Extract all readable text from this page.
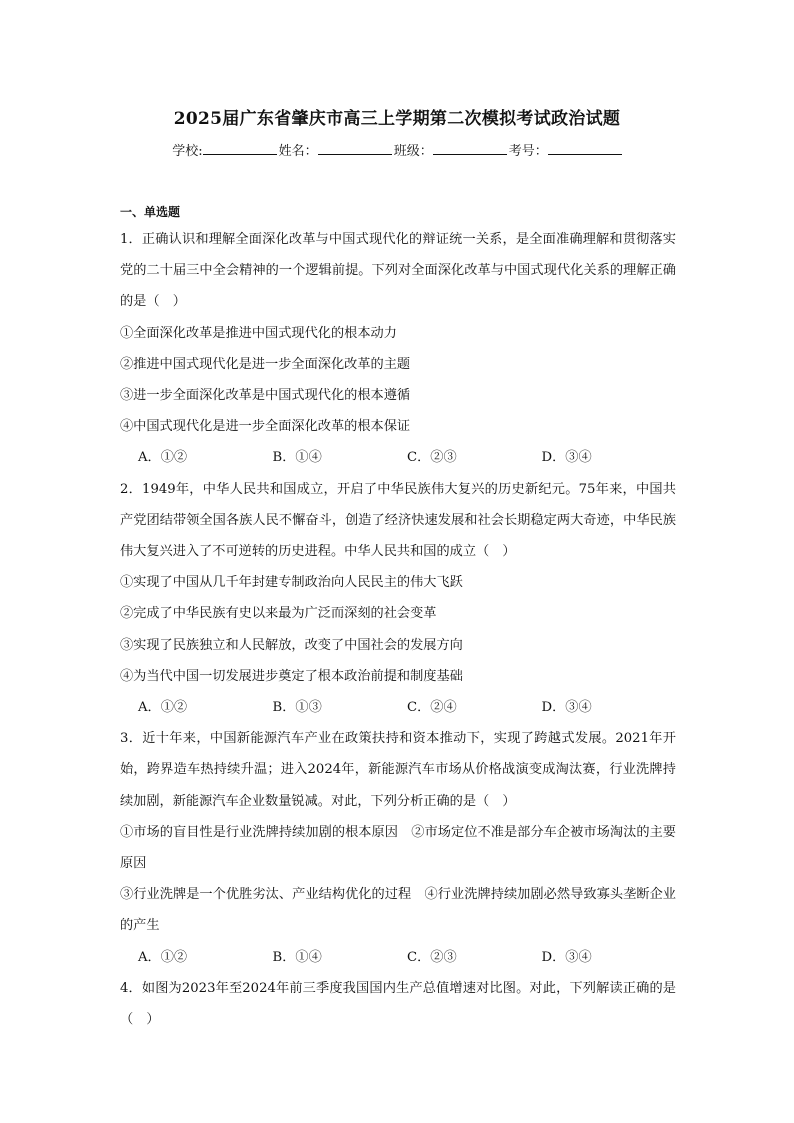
2025届广东省肇庆市高三上学期第二次模拟考试政治试题
学校:	姓名：	班级：	考号：
一、单选题

1．正确认识和理解全面深化改革与中国式现代化的辩证统一关系，是全面准确理解和贯彻落实党的二十届三中全会精神的一个逻辑前提。下列对全面深化改革与中国式现代化关系的理解正确的是（　）

①全面深化改革是推进中国式现代化的根本动力

②推进中国式现代化是进一步全面深化改革的主题

③进一步全面深化改革是中国式现代化的根本遵循

④中国式现代化是进一步全面深化改革的根本保证

A．①②	B．①④	C．②③	D．③④

2．1949年，中华人民共和国成立，开启了中华民族伟大复兴的历史新纪元。75年来，中国共产党团结带领全国各族人民不懈奋斗，创造了经济快速发展和社会长期稳定两大奇迹，中华民族伟大复兴进入了不可逆转的历史进程。中华人民共和国的成立（　）

①实现了中国从几千年封建专制政治向人民民主的伟大飞跃

②完成了中华民族有史以来最为广泛而深刻的社会变革

③实现了民族独立和人民解放，改变了中国社会的发展方向

④为当代中国一切发展进步奠定了根本政治前提和制度基础

A．①②	B．①③	C．②④	D．③④

3．近十年来，中国新能源汽车产业在政策扶持和资本推动下，实现了跨越式发展。2021年开始，跨界造车热持续升温；进入2024年，新能源汽车市场从价格战演变成淘汰赛，行业洗牌持续加剧，新能源汽车企业数量锐减。对此，下列分析正确的是（　）

①市场的盲目性是行业洗牌持续加剧的根本原因　②市场定位不准是部分车企被市场淘汰的主要原因

③行业洗牌是一个优胜劣汰、产业结构优化的过程　④行业洗牌持续加剧必然导致寡头垄断企业的产生

A．①②	B．①④	C．②③	D．③④

4．如图为2023年至2024年前三季度我国国内生产总值增速对比图。对此，下列解读正确的是（　）
